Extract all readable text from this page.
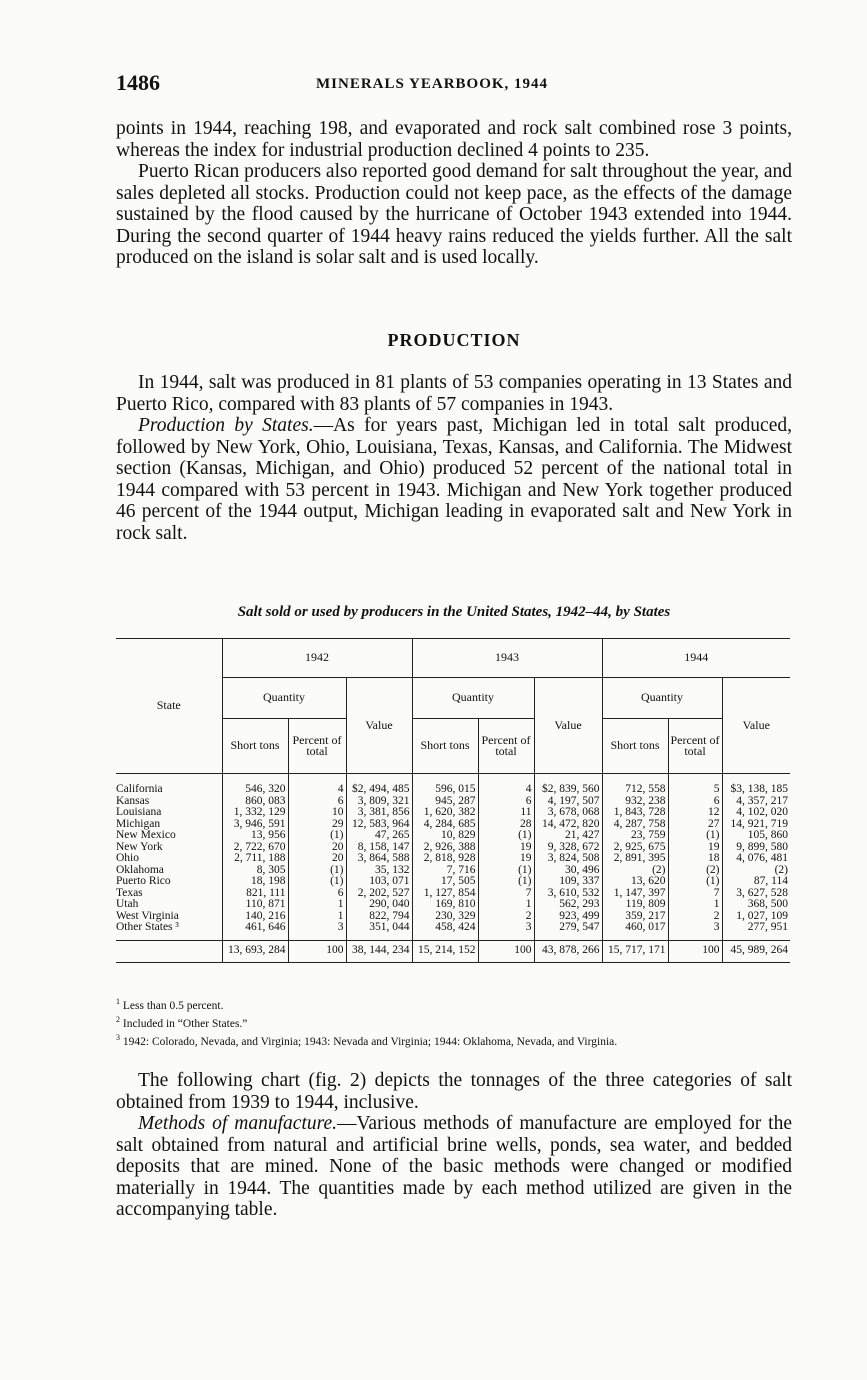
1486	MINERALS YEARBOOK, 1944

points in 1944, reaching 198, and evaporated and rock salt combined rose 3 points, whereas the index for industrial production declined 4 points to 235.

Puerto Rican producers also reported good demand for salt throughout the year, and sales depleted all stocks. Production could not keep pace, as the effects of the damage sustained by the flood caused by the hurricane of October 1943 extended into 1944. During the second quarter of 1944 heavy rains reduced the yields further. All the salt produced on the island is solar salt and is used locally.

PRODUCTION

In 1944, salt was produced in 81 plants of 53 companies operating in 13 States and Puerto Rico, compared with 83 plants of 57 companies in 1943.

Production by States.—As for years past, Michigan led in total salt produced, followed by New York, Ohio, Louisiana, Texas, Kansas, and California. The Midwest section (Kansas, Michigan, and Ohio) produced 52 percent of the national total in 1944 compared with 53 percent in 1943. Michigan and New York together produced 46 percent of the 1944 output, Michigan leading in evaporated salt and New York in rock salt.

Salt sold or used by producers in the United States, 1942–44, by States
State	1942			1943			1944		
	Quantity		Value	Quantity		Value	Quantity		Value
	Short tons	Percent of total		Short tons	Percent of total		Short tons	Percent of total	
California	546, 320	4	$2, 494, 485	596, 015	4	$2, 839, 560	712, 558	5	$3, 138, 185
Kansas	860, 083	6	3, 809, 321	945, 287	6	4, 197, 507	932, 238	6	4, 357, 217
Louisiana	1, 332, 129	10	3, 381, 856	1, 620, 382	11	3, 678, 068	1, 843, 728	12	4, 102, 020
Michigan	3, 946, 591	29	12, 583, 964	4, 284, 685	28	14, 472, 820	4, 287, 758	27	14, 921, 719
New Mexico	13, 956	(1)	47, 265	10, 829	(1)	21, 427	23, 759	(1)	105, 860
New York	2, 722, 670	20	8, 158, 147	2, 926, 388	19	9, 328, 672	2, 925, 675	19	9, 899, 580
Ohio	2, 711, 188	20	3, 864, 588	2, 818, 928	19	3, 824, 508	2, 891, 395	18	4, 076, 481
Oklahoma	8, 305	(1)	35, 132	7, 716	(1)	30, 496	(2)	(2)	(2)
Puerto Rico	18, 198	(1)	103, 071	17, 505	(1)	109, 337	13, 620	(1)	87, 114
Texas	821, 111	6	2, 202, 527	1, 127, 854	7	3, 610, 532	1, 147, 397	7	3, 627, 528
Utah	110, 871	1	290, 040	169, 810	1	562, 293	119, 809	1	368, 500
West Virginia	140, 216	1	822, 794	230, 329	2	923, 499	359, 217	2	1, 027, 109
Other States ³	461, 646	3	351, 044	458, 424	3	279, 547	460, 017	3	277, 951
	13, 693, 284	100	38, 144, 234	15, 214, 152	100	43, 878, 266	15, 717, 171	100	45, 989, 264

$^1$ Less than 0.5 percent.

$^2$ Included in “Other States.”

$^3$ 1942: Colorado, Nevada, and Virginia; 1943: Nevada and Virginia; 1944: Oklahoma, Nevada, and Virginia.

The following chart (fig. 2) depicts the tonnages of the three categories of salt obtained from 1939 to 1944, inclusive.

Methods of manufacture.—Various methods of manufacture are employed for the salt obtained from natural and artificial brine wells, ponds, sea water, and bedded deposits that are mined. None of the basic methods were changed or modified materially in 1944. The quantities made by each method utilized are given in the accompanying table.
